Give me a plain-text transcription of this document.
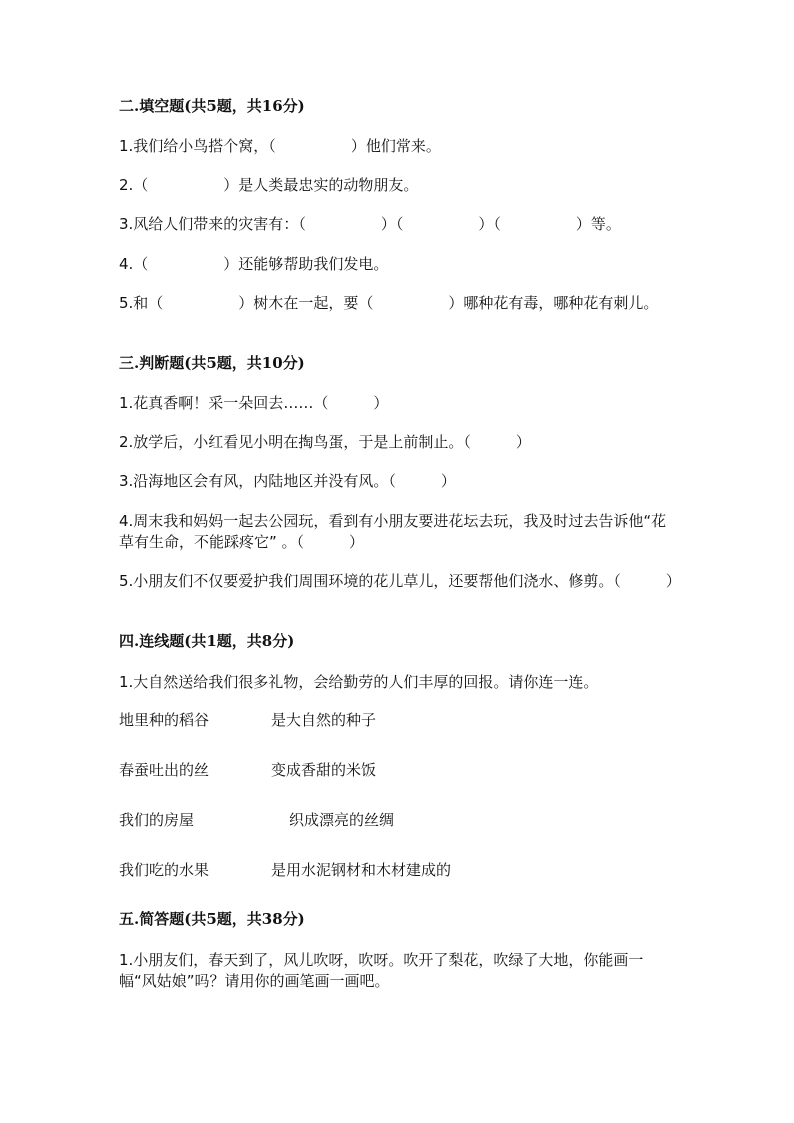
二.填空题(共5题，共16分)

1.我们给小鸟搭个窝，（　　　　　）他们常来。

2.（　　　　　）是人类最忠实的动物朋友。

3.风给人们带来的灾害有：（　　　　　）（　　　　　）（　　　　　）等。

4.（　　　　　）还能够帮助我们发电。

5.和（　　　　　）树木在一起，要（　　　　　）哪种花有毒，哪种花有刺儿。

三.判断题(共5题，共10分)

1.花真香啊！采一朵回去……（　　　）

2.放学后，小红看见小明在掏鸟蛋，于是上前制止。（　　　）

3.沿海地区会有风，内陆地区并没有风。（　　　）

4.周末我和妈妈一起去公园玩，看到有小朋友要进花坛去玩，我及时过去告诉他“花草有生命，不能踩疼它” 。（　　　）

5.小朋友们不仅要爱护我们周围环境的花儿草儿，还要帮他们浇水、修剪。（　　　）

四.连线题(共1题，共8分)

1.大自然送给我们很多礼物，会给勤劳的人们丰厚的回报。请你连一连。

地里种的稻谷	是大自然的种子

春蚕吐出的丝	变成香甜的米饭

我们的房屋	织成漂亮的丝绸

我们吃的水果	是用水泥钢材和木材建成的

五.简答题(共5题，共38分)

1.小朋友们，春天到了，风儿吹呀，吹呀。吹开了梨花，吹绿了大地，你能画一幅“风姑娘”吗？请用你的画笔画一画吧。
